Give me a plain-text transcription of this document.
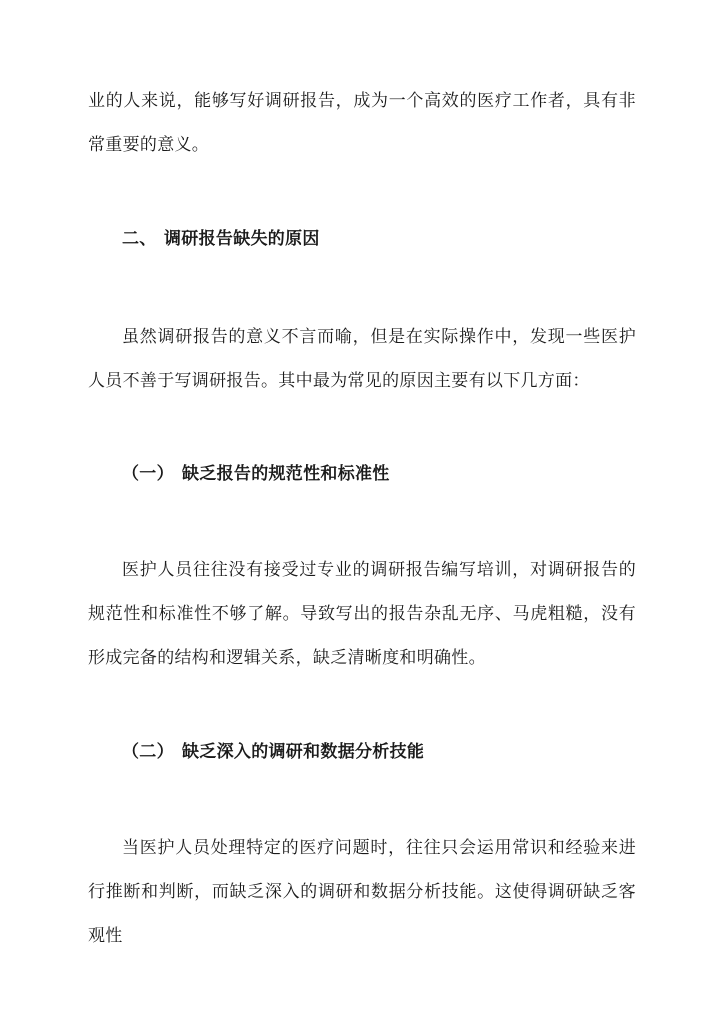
业的人来说，能够写好调研报告，成为一个高效的医疗工作者，具有非常重要的意义。

二、 调研报告缺失的原因

虽然调研报告的意义不言而喻，但是在实际操作中，发现一些医护人员不善于写调研报告。其中最为常见的原因主要有以下几方面：

（一） 缺乏报告的规范性和标准性

医护人员往往没有接受过专业的调研报告编写培训，对调研报告的规范性和标准性不够了解。导致写出的报告杂乱无序、马虎粗糙，没有形成完备的结构和逻辑关系，缺乏清晰度和明确性。

（二） 缺乏深入的调研和数据分析技能

当医护人员处理特定的医疗问题时，往往只会运用常识和经验来进行推断和判断，而缺乏深入的调研和数据分析技能。这使得调研缺乏客观性
